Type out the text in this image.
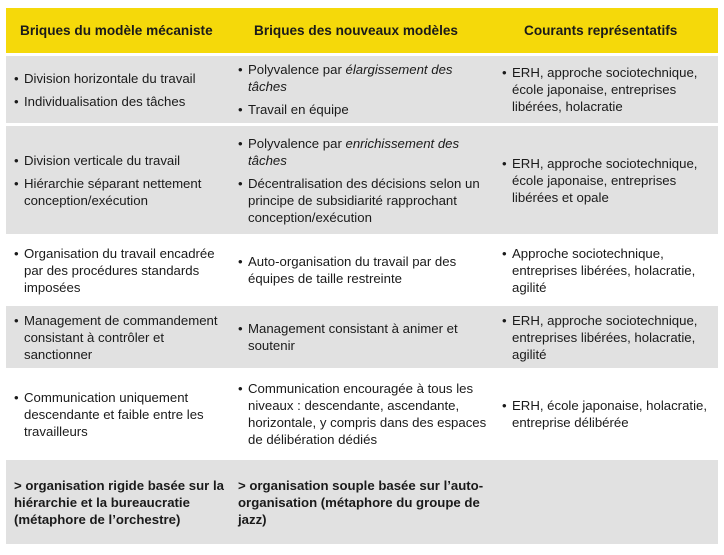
Briques du modèle mécaniste	Briques des nouveaux modèles	Courants représentatifs
•
Division horizontale du travail
•
Individualisation des tâches
•
Polyvalence par élargissement des tâches
•
Travail en équipe
•
ERH, approche sociotechnique, école japonaise, entreprises libérées, holacratie
•
Division verticale du travail
•
Hiérarchie séparant nettement conception/exécution
•
Polyvalence par enrichissement des tâches
•
Décentralisation des décisions selon un principe de subsidiarité rapprochant conception/exécution
•
ERH, approche sociotechnique, école japonaise, entreprises libérées et opale
•
Organisation du travail encadrée par des procédures standards imposées
•
Auto-organisation du travail par des équipes de taille restreinte
•
Approche sociotechnique, entreprises libérées, holacratie, agilité
•
Management de commandement consistant à contrôler et sanctionner
•
Management consistant à animer et soutenir
•
ERH, approche sociotechnique, entreprises libérées, holacratie, agilité
•
Communication uniquement descendante et faible entre les travailleurs
•
Communication encouragée à tous les niveaux : descendante, ascendante, horizontale, y compris dans des espaces de délibération dédiés
•
ERH, école japonaise, holacratie, entreprise délibérée
> organisation rigide basée sur la hiérarchie et la bureaucratie (métaphore de l’orchestre)
> organisation souple basée sur l’auto-organisation (métaphore du groupe de jazz)
